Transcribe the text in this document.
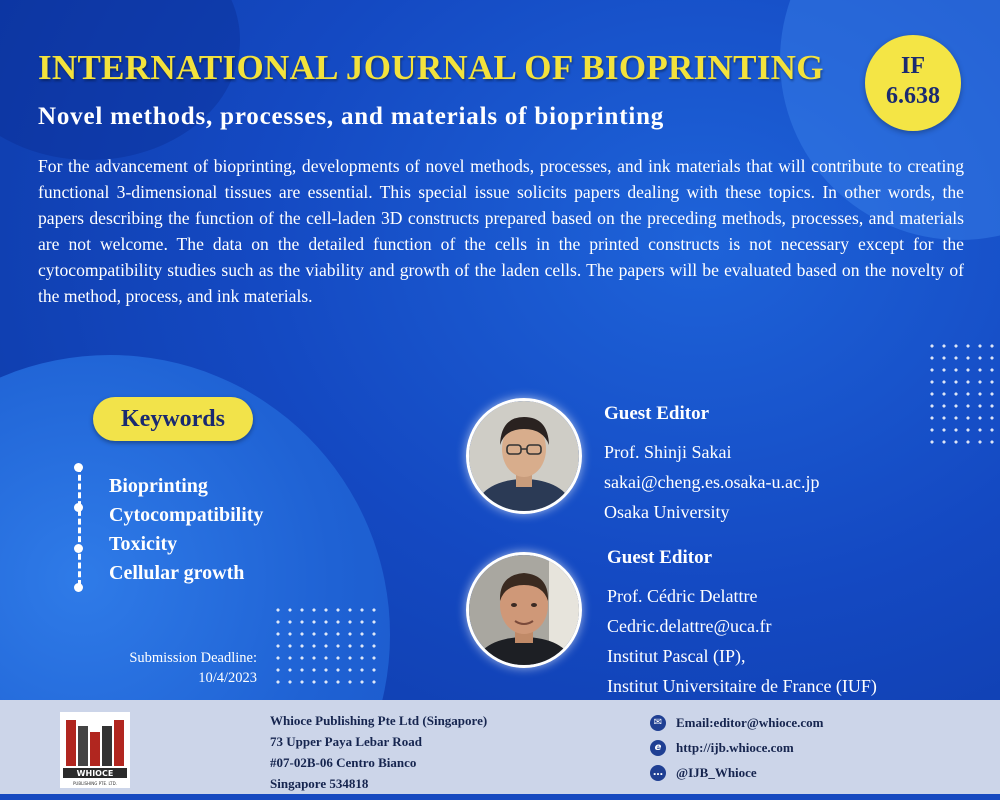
INTERNATIONAL JOURNAL OF BIOPRINTING
Novel methods, processes, and materials of bioprinting
IF
6.638

For the advancement of bioprinting, developments of novel methods, processes, and ink materials that will contribute to creating functional 3-dimensional tissues are essential. This special issue solicits papers dealing with these topics. In other words, the papers describing the function of the cell-laden 3D constructs prepared based on the preceding methods, processes, and materials are not welcome. The data on the detailed function of the cells in the printed constructs is not necessary except for the cytocompatibility studies such as the viability and growth of the laden cells. The papers will be evaluated based on the novelty of the method, process, and ink materials.

Keywords
Bioprinting
Cytocompatibility
Toxicity
Cellular growth
Submission Deadline:
10/4/2023
Guest Editor
Prof. Shinji Sakai
sakai@cheng.es.osaka-u.ac.jp
Osaka University
Guest Editor
Prof. Cédric Delattre
Cedric.delattre@uca.fr
Institut Pascal (IP),
Institut Universitaire de France (IUF)
WHIOCE
PUBLISHING PTE. LTD.
Whioce Publishing Pte Ltd (Singapore)
73 Upper Paya Lebar Road
#07-02B-06 Centro Bianco
Singapore 534818
✉ Email:editor@whioce.com
e	http://ijb.whioce.com
… @IJB_Whioce
